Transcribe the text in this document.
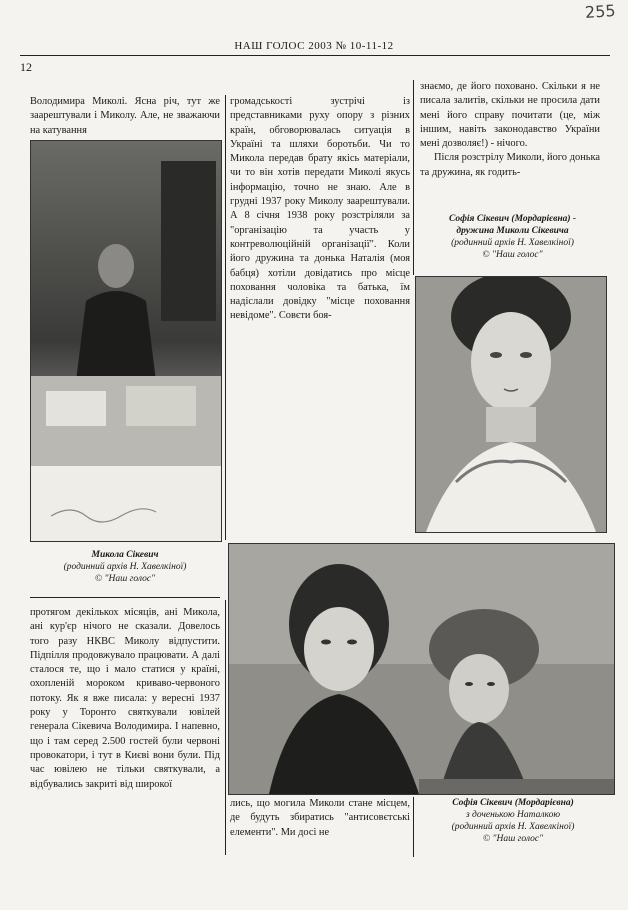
255
НАШ ГОЛОС 2003 № 10-11-12
12

Володимира Миколі. Ясна річ, тут же заарештували і Миколу. Але, не зважаючи на катування

Микола Сікевич
(родинний архів Н. Хавелкіної)
© "Наш голос"

громадськості зустрічі із представниками руху опору з різних країн, обговорювалась ситуація в Україні та шляхи боротьби. Чи то Микола передав брату якісь матеріали, чи то він хотів передати Миколі якусь інформацію, точно не знаю. Але в грудні 1937 року Миколу заарештували. А 8 січня 1938 року розстріляли за "організацію та участь у контреволюційній організації". Коли його дружина та донька Наталія (моя бабця) хотіли довідатись про місце поховання чоловіка та батька, їм надіслали довідку "місце поховання невідоме". Совєти боя-

знаємо, де його поховано. Скільки я не писала залитів, скільки не просила дати мені його справу почитати (це, між іншим, навіть законодавство України мені дозволяє!) - нічого.

Після розстрілу Миколи, його донька та дружина, як годить-

Софія Сікевич (Мордарієвна) -
дружина Миколи Сікевича
(родинний архів Н. Хавелкіної)
© "Наш голос"

протягом декількох місяців, ані Микола, ані кур'єр нічого не сказали. Довелось того разу НКВС Миколу відпустити. Підпілля продовжувало працювати. А далі сталося те, що і мало статися у країні, охопленій мороком криваво-червоного потоку. Як я вже писала: у вересні 1937 року у Торонто святкували ювілей генерала Сікевича Володимира. І напевно, що і там серед 2.500 гостей були червоні провокатори, і тут в Києві вони були. Під час ювілею не тільки святкували, а відбувались закриті від широкої

лись, що могила Миколи стане місцем, де будуть збиратись "антисовєтські елементи". Ми досі не

Софія Сікевич (Мордарієвна)
з доченькою Наталкою
(родинний архів Н. Хавелкіної)
© "Наш голос"
